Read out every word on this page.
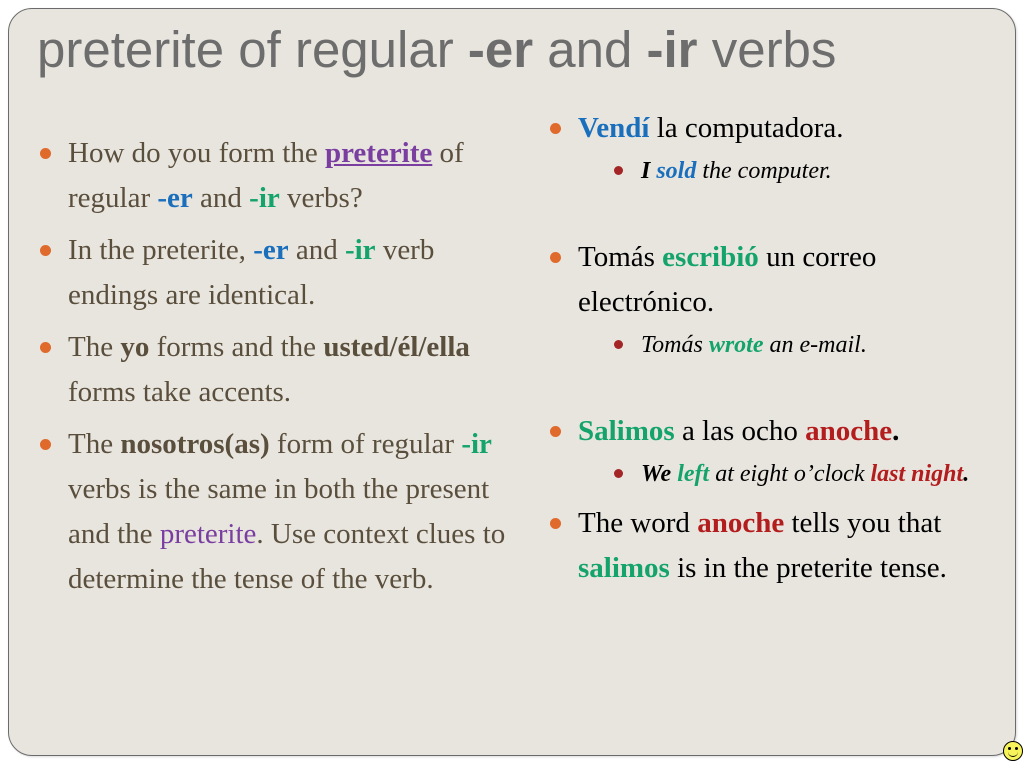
preterite of regular -er and -ir verbs
How do you form the preterite of regular -er and -ir verbs?
In the preterite, -er and -ir verb endings are identical.
The yo forms and the usted/él/ella forms take accents.
The nosotros(as) form of regular -ir verbs is the same in both the present and the preterite. Use context clues to determine the tense of the verb.
Vendí la computadora.
I sold the computer.
Tomás escribió un correo electrónico.
Tomás wrote an e-mail.
Salimos a las ocho anoche.
We left at eight o’clock last night.
The word anoche tells you that salimos is in the preterite tense.
